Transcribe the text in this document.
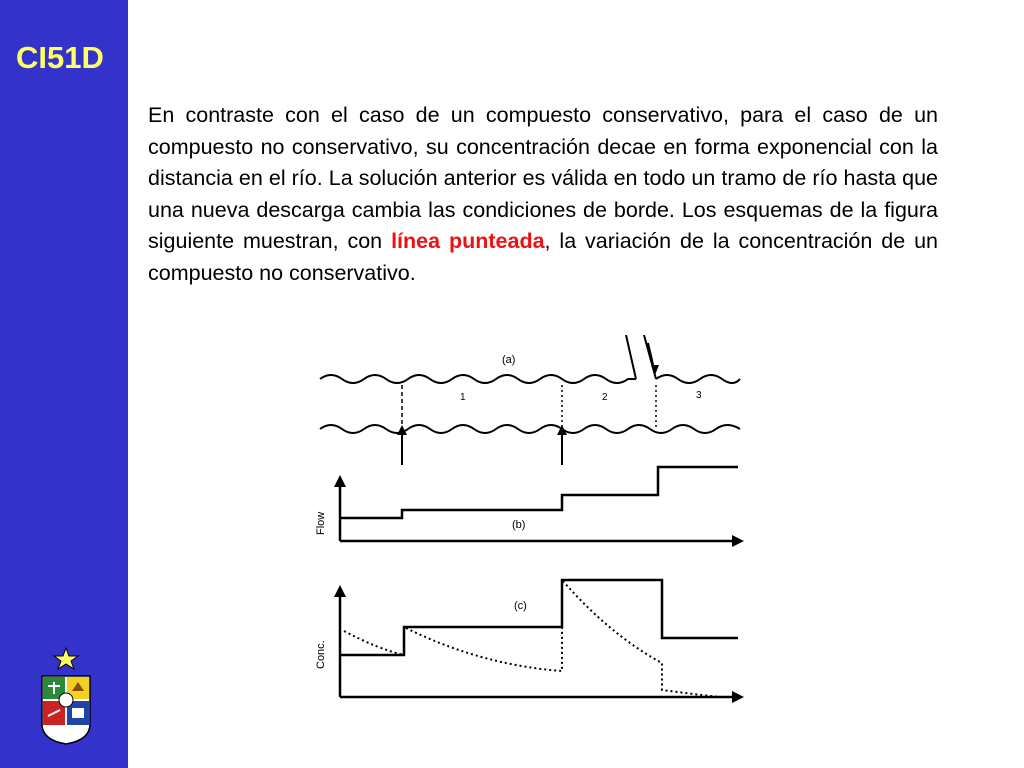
CI51D

En contraste con el caso de un compuesto conservativo, para el caso de un compuesto no conservativo, su concentración decae en forma exponencial con la distancia en el río. La solución anterior es válida en todo un tramo de río hasta que una nueva descarga cambia las condiciones de borde. Los esquemas de la figura siguiente muestran, con línea punteada, la variación de la concentración de un compuesto no conservativo.

(a)
1	2	3
(b)
Flow
(c)
Conc.
